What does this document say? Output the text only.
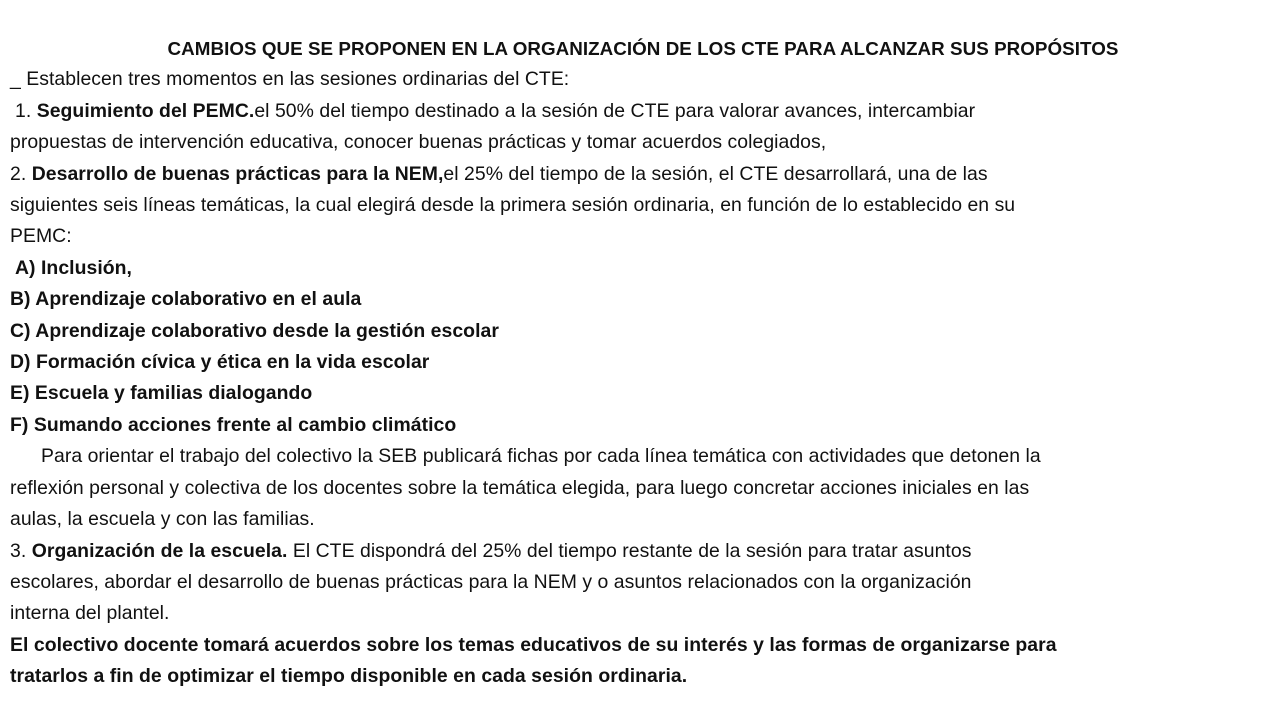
CAMBIOS QUE SE PROPONEN EN LA ORGANIZACIÓN DE LOS CTE PARA ALCANZAR SUS PROPÓSITOS
_ Establecen tres momentos en las sesiones ordinarias del CTE:
1. Seguimiento del PEMC.el 50% del tiempo destinado a la sesión de CTE para valorar avances, intercambiar
propuestas de intervención educativa, conocer buenas prácticas y tomar acuerdos colegiados,
2. Desarrollo de buenas prácticas para la NEM,el 25% del tiempo de la sesión, el CTE desarrollará, una de las
siguientes seis líneas temáticas, la cual elegirá desde la primera sesión ordinaria, en función de lo establecido en su
PEMC:
A) Inclusión,
B) Aprendizaje colaborativo en el aula
C) Aprendizaje colaborativo desde la gestión escolar
D) Formación cívica y ética en la vida escolar
E) Escuela y familias dialogando
F) Sumando acciones frente al cambio climático
Para orientar el trabajo del colectivo la SEB publicará fichas por cada línea temática con actividades que detonen la
reflexión personal y colectiva de los docentes sobre la temática elegida, para luego concretar acciones iniciales en las
aulas, la escuela y con las familias.
3. Organización de la escuela. El CTE dispondrá del 25% del tiempo restante de la sesión para tratar asuntos
escolares, abordar el desarrollo de buenas prácticas para la NEM y o asuntos relacionados con la organización
interna del plantel.
El colectivo docente tomará acuerdos sobre los temas educativos de su interés y las formas de organizarse para
tratarlos a fin de optimizar el tiempo disponible en cada sesión ordinaria.
